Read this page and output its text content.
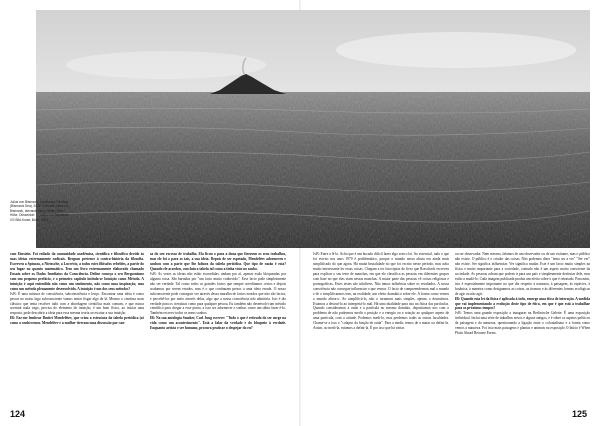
Julius von Bismarck, Landscape Painting
(Bismarck Sea), 2022. Cortesia Julius von
Bismarck, alexander levy, Berlin, Sies +
Höke, Düsseldorf. © Julius von Bismarck,
VG Bild-Kunst, Bonn, 2023

com Einstein. Foi exilado da comunidade académica, científica e filosófica devido às suas ideias extremamente radicais. Bergson pertence à contra-história da filosofia. Escreveu a Spinoza, a Nietzsche, a Lucrécio, a todos estes filósofos rebeldes, a partir do seu lugar no quanto matemático. Tem um livro extremamente elaborado chamado Ensaio sobre os Dados Imediatos da Consciência. Define começa o seu Bergsonismo com um pequeno prefácio, e o primeiro capítulo intitula-se Intuição como Método. A intuição é aqui entendida não como um sentimento, não como uma inspiração, mas como um método plenamente desenvolvido. A intuição é um dos seus métodos?

JvB: É uma mistura de consciência, subconsciência e lenço. Encontrar uma ideia é como pescar no nosso lago subconsciente vamos tentar fisgar algo de lá. Mesmo o cientista mais clássico que tenta resolver tudo com a abordagem científica mais comum, e que nunca acertará nada vago, precisa do elemento de intuição, é um bom físico, ao iniciar uma resposta, pode descobrir a ideia para essa mesma teoria ao escutar a sua intuição.

IB: Faz-me lembrar Dmitri Mendeléiev, que criou a estrutura da tabela periódica (só como a conhecemos. Mendeléev e a mulher tiveram uma discussão por cau-

sa do seu excesso de trabalho. Ela ficou o para a dona que fizessem os seus trabalhos, mas ele foi o para os tais, a sua ideia. Depois de ser espetado, Mendeléev adormeceu e sonhou com a parte que lhe faltava da tabela periódica. Que tipo de razão é esta? Quando ele acordou, concluiu a tabela tal como a tinha visto no sonho.

JvB: As vezes as ideias não estão escondidas, andam por aí, apenas estão bloqueadas por alguma coisa. São barradas por "um facto muito conhecido". Esse facto pode simplesmente não ser verdade. Tal como todos os grandes factos que sempre acreditamos certos e depois acabamos por serem errados, mas é o que continuam presos a uma ideia errada. O nosso subconsciente pode conseguir ver através dessa muralha de factos errados que não são factos, e percebê-los por meio através delas, algo que a nossa consciência não admitiria. Isto é tão verdade para os cientistas como para qualquer pessoa. Eu também não desenvolvi um método científico para chegar a esse ponto, a isso ser adormecer e sonhar, como um sábio fazer é-lo. Também escrevo todos os meus sonhos.

IB: Na sua antologia Smoker, Carl Jung escreve: "Tudo o que é retirado do ser surge na vida como um acontecimento". Está a falar da verdade e do bloqueio à verdade. Enquanto artista e ser humano, procura praticar o despejar do eu?

JvB: Entre a lé lo. Acho que é um bocado difícil fazer algo sem o lei. Ao essencial, tudo o que foi escrito nos anos 1970 é problemático, porque o mundo nessa altura era ainda mais simplificado do que agora. Há muita brutalidade no que foi escrito nesse período, mas acho muito interessante ler essas coisas. Chegam a ter fotocópias do livro que Rorschach escreveu para explicar o seu teste de manchas, em que ele classifica as pessoas em diferentes grupos com base no que elas viam nessas manchas. A maior parte das pessoas vê coisas religiosas e pornográficas. Estes testes são infalíveis. Não temos influência sobre os resultados. A nossa consciência não consegue influenciar o que vemos. O facto de compreendermos mal o mundo e de o simplificarmos tem, na realidade, um efeito dramático sobre ele. A forma como vemos o mundo altera-o. Ao simplificá-lo, não o tornamos mais simples, apenas o destruímos. Estamos a destruí-lo ao interpretá-lo mal. Há uma dualidade para isto na física das partículas. Quando consideramos a onda e a partícula no mesmo domínio, depositamos nos com o problema de não podermos medir a posição e a energia ou a rotação ao qualquer aspeto de uma partícula, com a atitude. Podemos medi-lo, mas perdemos todas as outras faculdades. Chama-se a isso o "colapso da função de onda". Para a medir, temos de a matar ou defini-la. Assim, ao medi-la, estamos a defini-la. É por isso que há várias

ou ser observador. Nem mesmo, falamos de um observador ou de um visitante, mas o público não existe. O público é o criador das coisas. Não podemos dizer "tento ser a ver" "Ser ver" não existe. Ser significa influenciar. Ver significa mudar. Este é um facto muito simples na física e muito importante para a sociedade, contudo não é um aspeto muito consciente da sociedade. As pessoas acham que podem ir para um país e simplesmente desfrutar dele, mas estão a mudá-lo. Cada imagem publicada produz um efeito sobre o que é retratado. Para mim, isto é especialmente importante no que diz respeito à natureza, à paisagem, às espécies, à botânica, à maneira como designamos as coisas, as tiramos e às diferentes formas ecológicas de agir ou não agir.

IB: Quando esta lei da física é aplicada à todo, emerge uma ética de interação. A medida que vai implementando a evolução deste tipo de ética, em que é que está a trabalhar para os próximos tempos?

JvB: Temos uma grande exposição a inaugurar na Berlinische Galerie. É uma exposição individual. Inclui uma série de trabalhos novos e alguns antigos, e é sobre os aspetos políticos da paisagem e da natureza, questionando a ligação entre o colonialismo e a forma como vemos a natureza. Foi isso mais paisagens e plantas e animais na exposição O Início é When Plaits Ahead Become Forms.

124	125
